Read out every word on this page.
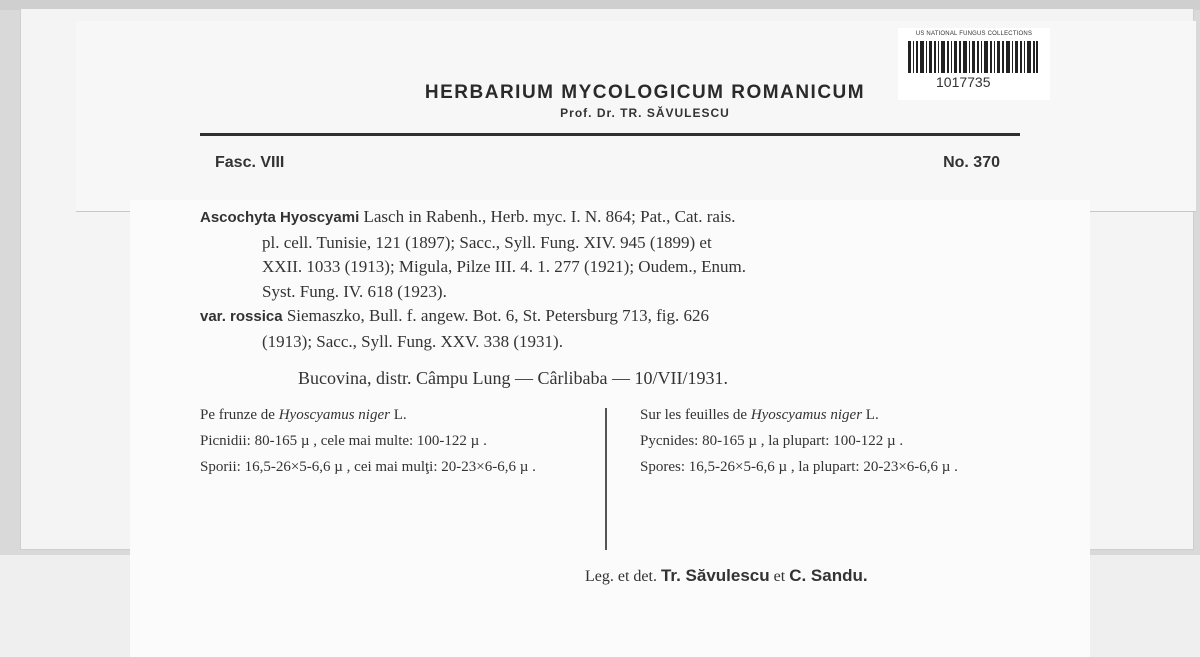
HERBARIUM MYCOLOGICUM ROMANICUM
Prof. Dr. TR. SĂVULESCU
Fasc. VIII	No. 370
US NATIONAL FUNGUS COLLECTIONS
1017735

Ascochyta Hyoscyami Lasch in Rabenh., Herb. myc. I. N. 864; Pat., Cat. rais.

pl. cell. Tunisie, 121 (1897); Sacc., Syll. Fung. XIV. 945 (1899) et

XXII. 1033 (1913); Migula, Pilze III. 4. 1. 277 (1921); Oudem., Enum.

Syst. Fung. IV. 618 (1923).

var. rossica Siemaszko, Bull. f. angew. Bot. 6, St. Petersburg 713, fig. 626

(1913); Sacc., Syll. Fung. XXV. 338 (1931).

Bucovina, distr. Câmpu Lung — Cârlibaba — 10/VII/1931.

Pe frunze de Hyoscyamus niger L.

Picnidii: 80-165 µ , cele mai multe: 100-122 µ .

Sporii: 16,5-26×5-6,6 µ , cei mai mulţi: 20-23×6-6,6 µ .

Sur les feuilles de Hyoscyamus niger L.

Pycnides: 80-165 µ , la plupart: 100-122 µ .

Spores: 16,5-26×5-6,6 µ , la plupart: 20-23×6-6,6 µ .

Leg. et det. Tr. Săvulescu et C. Sandu.
